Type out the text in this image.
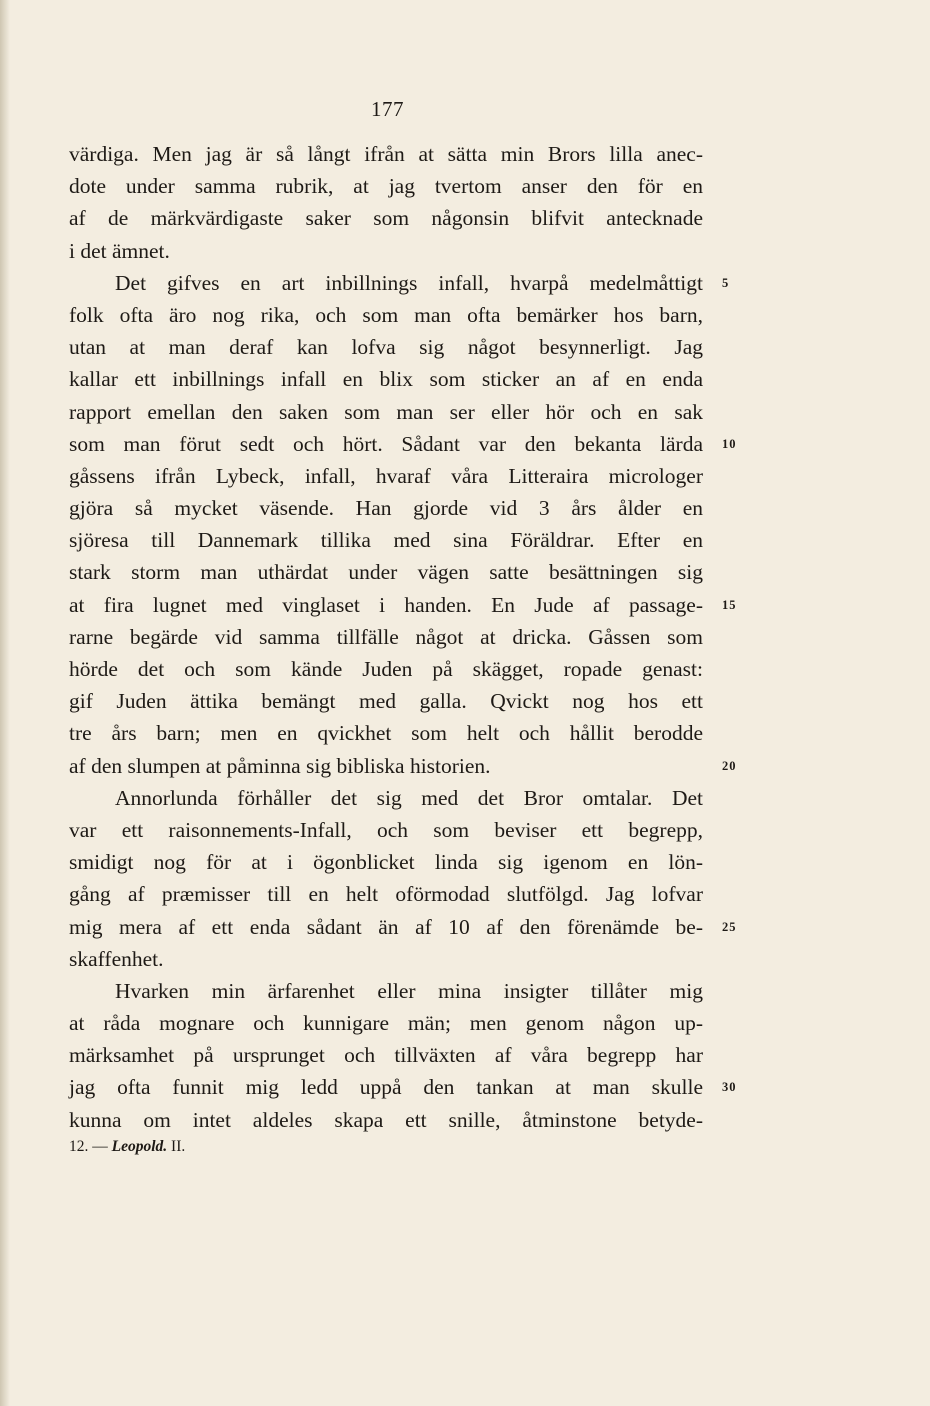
177
värdiga. Men jag är så långt ifrån at sätta min Brors lilla anec-
dote under samma rubrik, at jag tvertom anser den för en
af de märkvärdigaste saker som någonsin blifvit antecknade
i det ämnet.
Det gifves en art inbillnings infall, hvarpå medelmåttigt 5
folk ofta äro nog rika, och som man ofta bemärker hos barn,
utan at man deraf kan lofva sig något besynnerligt. Jag
kallar ett inbillnings infall en blix som sticker an af en enda
rapport emellan den saken som man ser eller hör och en sak
som man förut sedt och hört. Sådant var den bekanta lärda 10
gåssens ifrån Lybeck, infall, hvaraf våra Litteraira microloger
gjöra så mycket väsende. Han gjorde vid 3 års ålder en
sjöresa till Dannemark tillika med sina Föräldrar. Efter en
stark storm man uthärdat under vägen satte besättningen sig
at fira lugnet med vinglaset i handen. En Jude af passage- 15
rarne begärde vid samma tillfälle något at dricka. Gåssen som
hörde det och som kände Juden på skägget, ropade genast:
gif Juden ättika bemängt med galla. Qvickt nog hos ett
tre års barn; men en qvickhet som helt och hållit berodde
af den slumpen at påminna sig bibliska historien.	20
Annorlunda förhåller det sig med det Bror omtalar. Det
var ett raisonnements-Infall, och som beviser ett begrepp,
smidigt nog för at i ögonblicket linda sig igenom en lön-
gång af præmisser till en helt oförmodad slutfölgd. Jag lofvar
mig mera af ett enda sådant än af 10 af den förenämde be- 25
skaffenhet.
Hvarken min ärfarenhet eller mina insigter tillåter mig
at råda mognare och kunnigare män; men genom någon up-
märksamhet på ursprunget och tillväxten af våra begrepp har
jag ofta funnit mig ledd uppå den tankan at man skulle 30
kunna om intet aldeles skapa ett snille, åtminstone betyde-
12. — Leopold. II.
